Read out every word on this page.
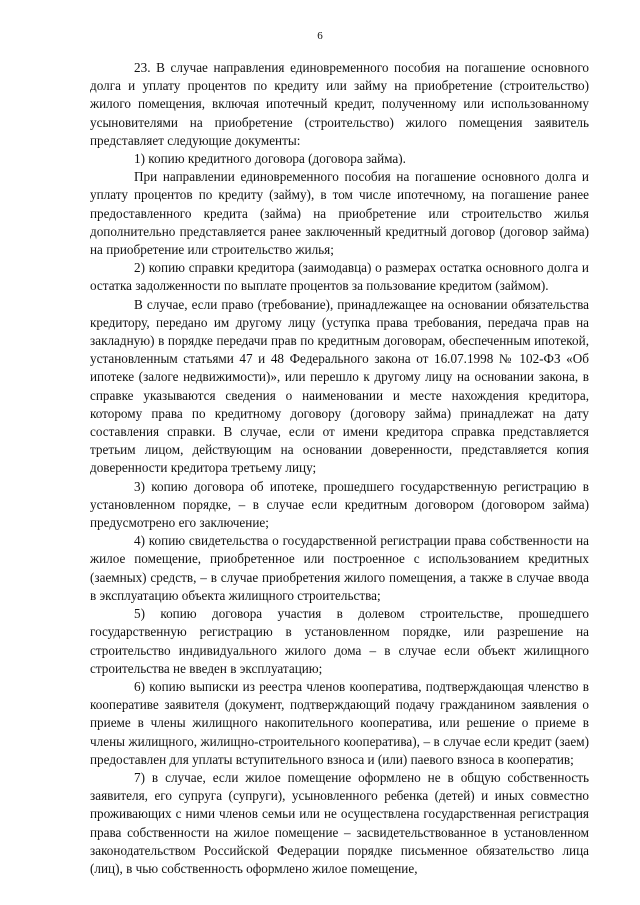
6

23. В случае направления единовременного пособия на погашение основного долга и уплату процентов по кредиту или займу на приобретение (строительство) жилого помещения, включая ипотечный кредит, полученному или использованному усыновителями на приобретение (строительство) жилого помещения заявитель представляет следующие документы:

1) копию кредитного договора (договора займа).

При направлении единовременного пособия на погашение основного долга и уплату процентов по кредиту (займу), в том числе ипотечному, на погашение ранее предоставленного кредита (займа) на приобретение или строительство жилья дополнительно представляется ранее заключенный кредитный договор (договор займа) на приобретение или строительство жилья;

2) копию справки кредитора (заимодавца) о размерах остатка основного долга и остатка задолженности по выплате процентов за пользование кредитом (займом).

В случае, если право (требование), принадлежащее на основании обязательства кредитору, передано им другому лицу (уступка права требования, передача прав на закладную) в порядке передачи прав по кредитным договорам, обеспеченным ипотекой, установленным статьями 47 и 48 Федерального закона от 16.07.1998 № 102-ФЗ «Об ипотеке (залоге недвижимости)», или перешло к другому лицу на основании закона, в справке указываются сведения о наименовании и месте нахождения кредитора, которому права по кредитному договору (договору займа) принадлежат на дату составления справки. В случае, если от имени кредитора справка представляется третьим лицом, действующим на основании доверенности, представляется копия доверенности кредитора третьему лицу;

3) копию договора об ипотеке, прошедшего государственную регистрацию в установленном порядке, – в случае если кредитным договором (договором займа) предусмотрено его заключение;

4) копию свидетельства о государственной регистрации права собственности на жилое помещение, приобретенное или построенное с использованием кредитных (заемных) средств, – в случае приобретения жилого помещения, а также в случае ввода в эксплуатацию объекта жилищного строительства;

5) копию договора участия в долевом строительстве, прошедшего государственную регистрацию в установленном порядке, или разрешение на строительство индивидуального жилого дома – в случае если объект жилищного строительства не введен в эксплуатацию;

6) копию выписки из реестра членов кооператива, подтверждающая членство в кооперативе заявителя (документ, подтверждающий подачу гражданином заявления о приеме в члены жилищного накопительного кооператива, или решение о приеме в члены жилищного, жилищно-строительного кооператива), – в случае если кредит (заем) предоставлен для уплаты вступительного взноса и (или) паевого взноса в кооператив;

7) в случае, если жилое помещение оформлено не в общую собственность заявителя, его супруга (супруги), усыновленного ребенка (детей) и иных совместно проживающих с ними членов семьи или не осуществлена государственная регистрация права собственности на жилое помещение – засвидетельствованное в установленном законодательством Российской Федерации порядке письменное обязательство лица (лиц), в чью собственность оформлено жилое помещение,
